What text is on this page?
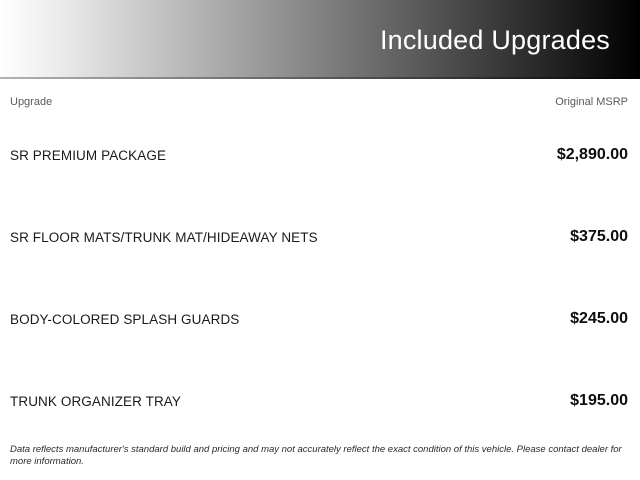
Included Upgrades
Upgrade	Original MSRP
SR PREMIUM PACKAGE	$2,890.00
SR FLOOR MATS/TRUNK MAT/HIDEAWAY NETS	$375.00
BODY-COLORED SPLASH GUARDS	$245.00
TRUNK ORGANIZER TRAY	$195.00
Data reflects manufacturer's standard build and pricing and may not accurately reflect the exact condition of this vehicle. Please contact dealer for more information.
